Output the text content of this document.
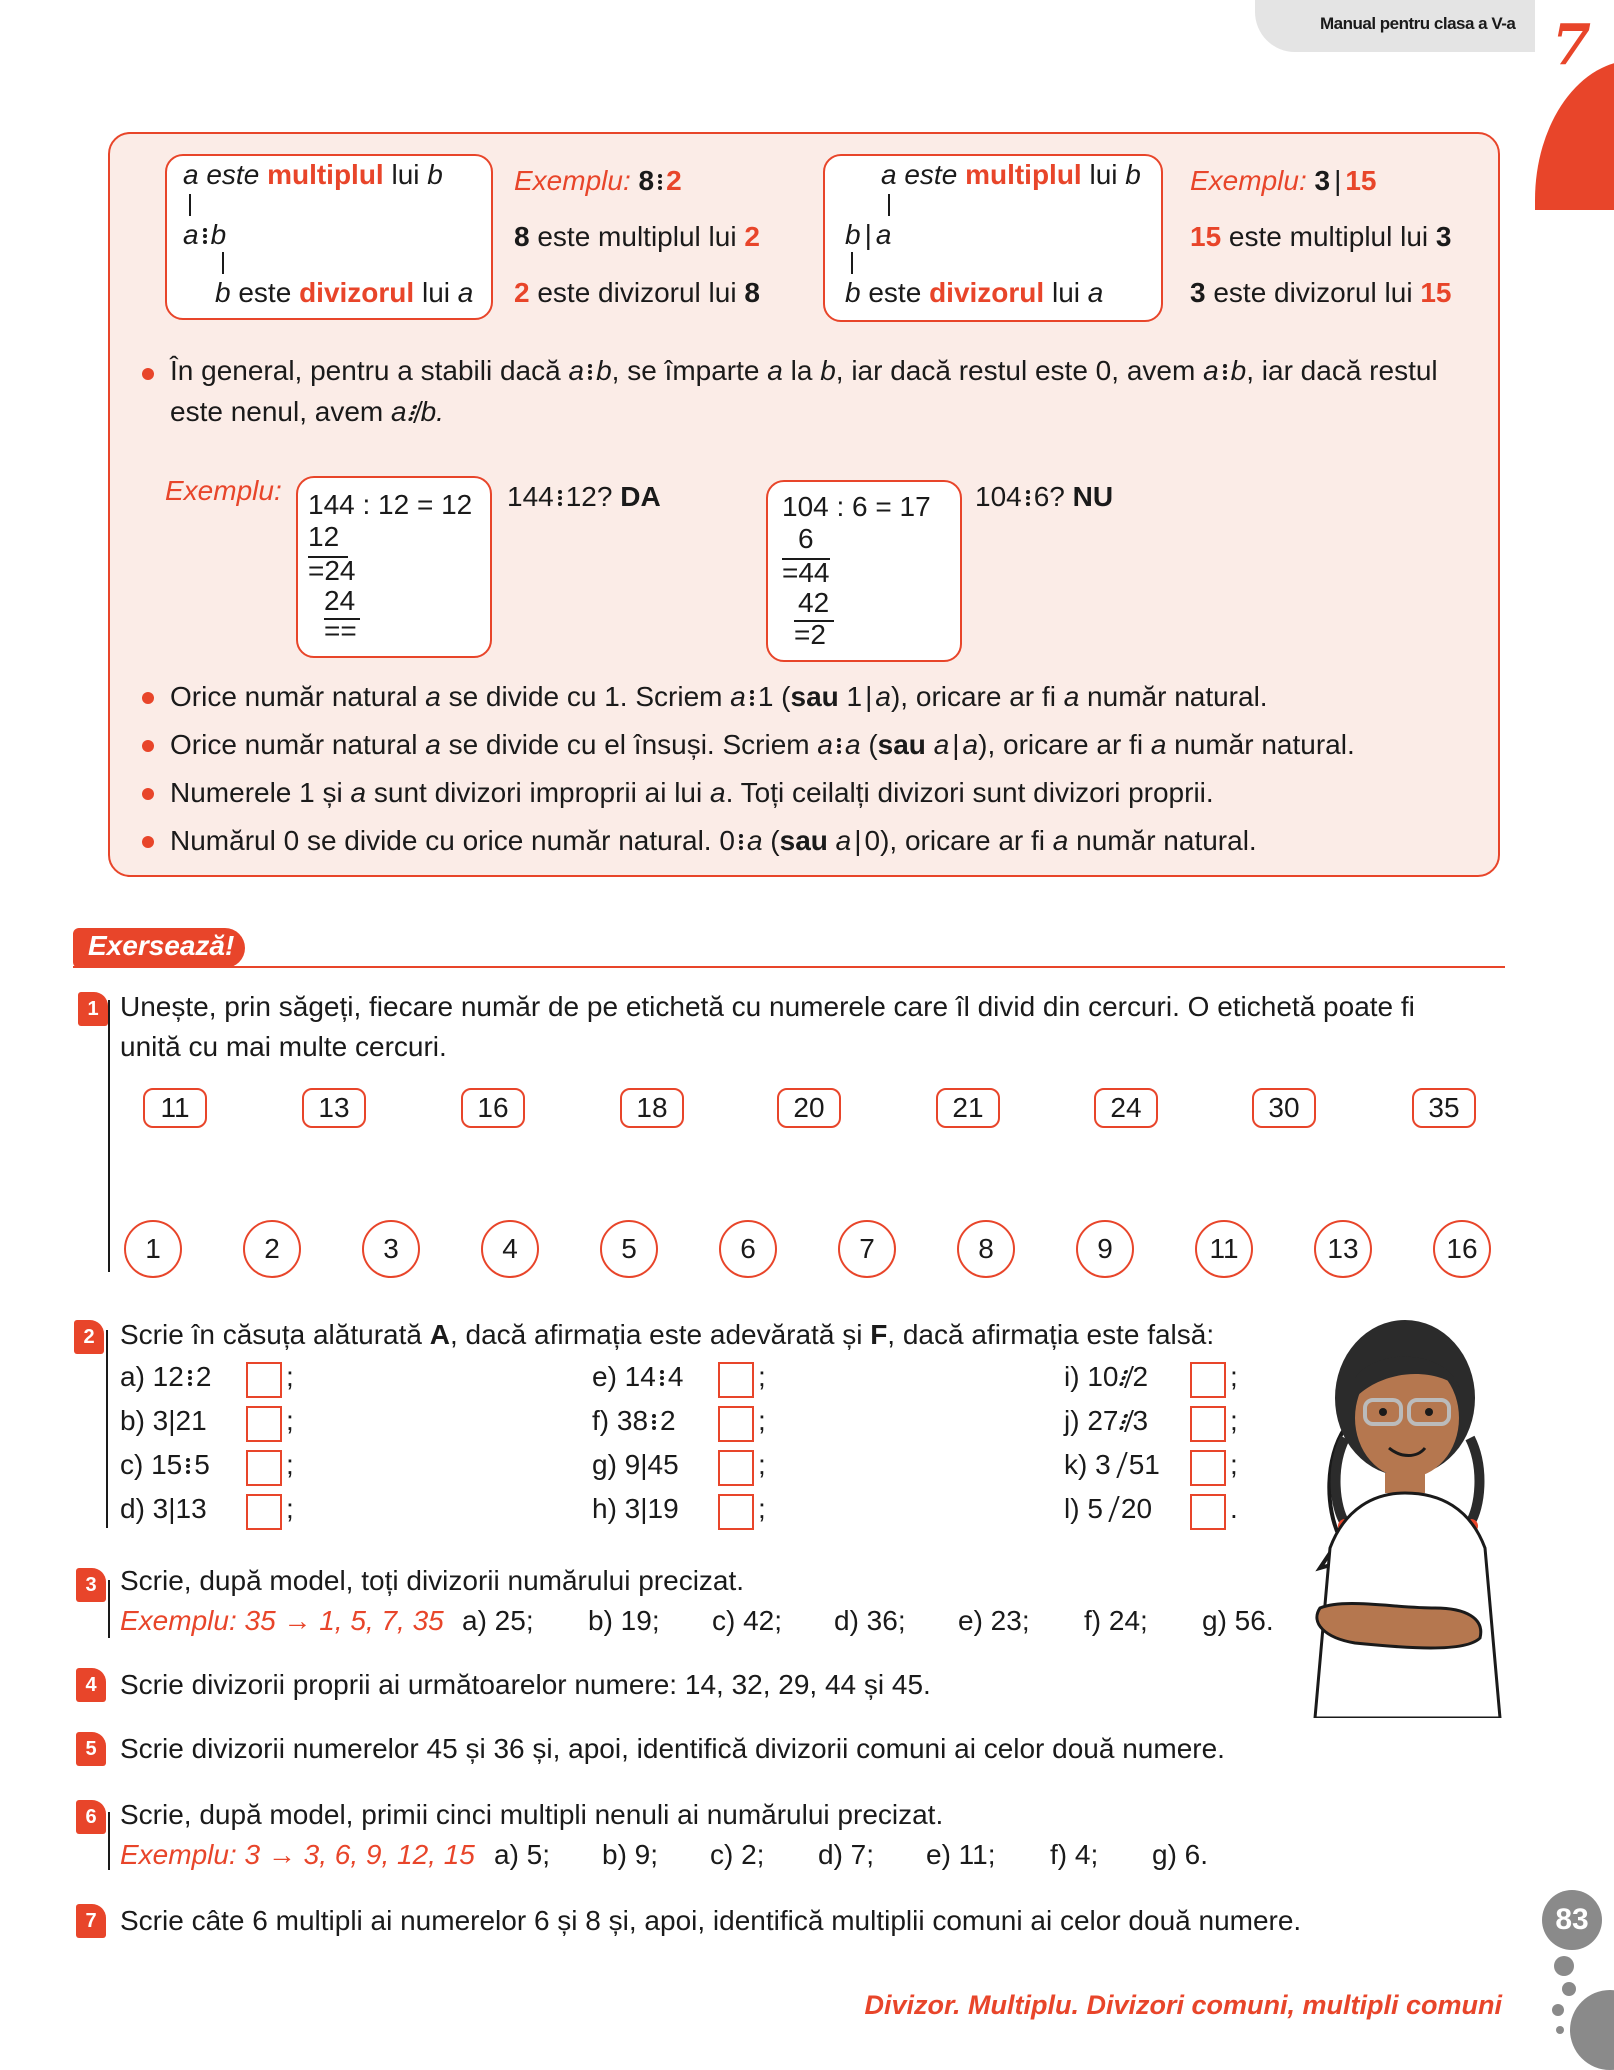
Manual pentru clasa a V-a 7
a este multiplul lui b
a b
b este divizorul lui a
Exemplu: 8 2
8 este multiplul lui 2
2 este divizorul lui 8
a este multiplul lui b
b | a
b este divizorul lui a
Exemplu: 3 | 15
15 este multiplul lui 3
3 este divizorul lui 15
În general, pentru a stabili dacă a b, se împarte a la b, iar dacă restul este 0, avem a b, iar dacă restul
este nenul, avem a b.
Exemplu: 144 : 12 = 12
12
=24
24
==
144 12? DA	104 : 6 = 17
6
=44
42
=2
104 6? NU
Orice număr natural a se divide cu 1. Scriem a 1 (sau 1 | a), oricare ar fi a număr natural.
Orice număr natural a se divide cu el însuși. Scriem a a (sau a | a), oricare ar fi a număr natural.
Numerele 1 și a sunt divizori improprii ai lui a. Toți ceilalți divizori sunt divizori proprii.
Numărul 0 se divide cu orice număr natural. 0 a (sau a | 0), oricare ar fi a număr natural.
Exersează!
1 Unește, prin săgeți, fiecare număr de pe etichetă cu numerele care îl divid din cercuri. O etichetă poate fi
unită cu mai multe cercuri.
11	13	16	18	20	21	24	30	35
1	2	3	4	5	6	7	8	9	11	13	16
2 Scrie în căsuța alăturată A, dacă afirmația este adevărată și F, dacă afirmația este falsă:
a) 12 2	;
b) 3|21	;
c) 15 5	;
d) 3|13	;
e) 14 4	;
f) 38 2	;
g) 9|45	;
h) 3|19	;
i) 10 2	;
j) 27 3	;
k) 3 51	;
l) 5 20	.
3 Scrie, după model, toți divizorii numărului precizat.
Exemplu: 35 → 1, 5, 7, 35 a) 25; b) 19; c) 42; d) 36; e) 23; f) 24; g) 56.
4 Scrie divizorii proprii ai următoarelor numere: 14, 32, 29, 44 și 45.
5 Scrie divizorii numerelor 45 și 36 și, apoi, identifică divizorii comuni ai celor două numere.
6 Scrie, după model, primii cinci multipli nenuli ai numărului precizat.
Exemplu: 3 → 3, 6, 9, 12, 15 a) 5; b) 9; c) 2; d) 7; e) 11; f) 4; g) 6.
7 Scrie câte 6 multipli ai numerelor 6 și 8 și, apoi, identifică multiplii comuni ai celor două numere.	83
Divizor. Multiplu. Divizori comuni, multipli comuni
